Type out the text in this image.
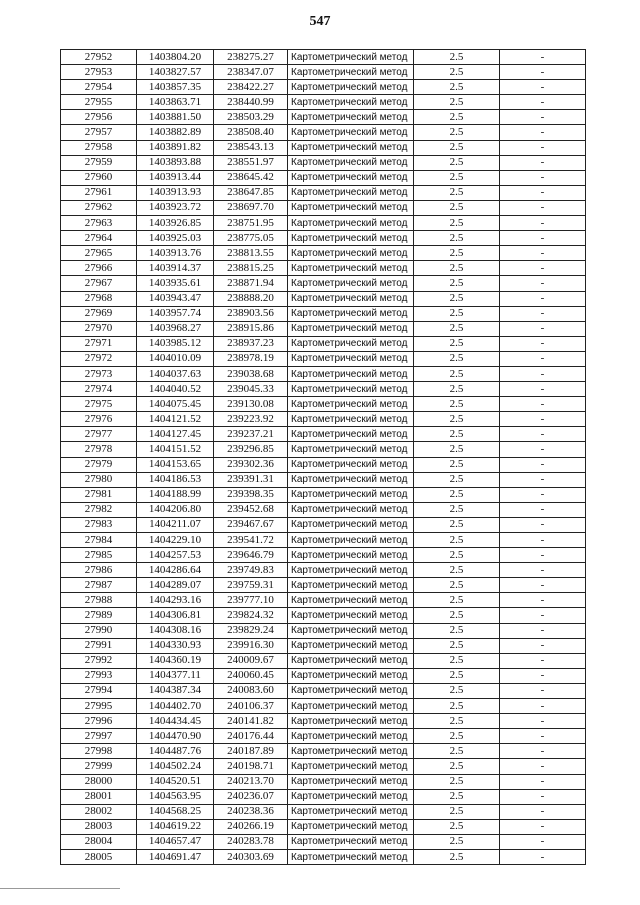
547
27952	1403804.20	238275.27	Картометрический метод	2.5	-
27953	1403827.57	238347.07	Картометрический метод	2.5	-
27954	1403857.35	238422.27	Картометрический метод	2.5	-
27955	1403863.71	238440.99	Картометрический метод	2.5	-
27956	1403881.50	238503.29	Картометрический метод	2.5	-
27957	1403882.89	238508.40	Картометрический метод	2.5	-
27958	1403891.82	238543.13	Картометрический метод	2.5	-
27959	1403893.88	238551.97	Картометрический метод	2.5	-
27960	1403913.44	238645.42	Картометрический метод	2.5	-
27961	1403913.93	238647.85	Картометрический метод	2.5	-
27962	1403923.72	238697.70	Картометрический метод	2.5	-
27963	1403926.85	238751.95	Картометрический метод	2.5	-
27964	1403925.03	238775.05	Картометрический метод	2.5	-
27965	1403913.76	238813.55	Картометрический метод	2.5	-
27966	1403914.37	238815.25	Картометрический метод	2.5	-
27967	1403935.61	238871.94	Картометрический метод	2.5	-
27968	1403943.47	238888.20	Картометрический метод	2.5	-
27969	1403957.74	238903.56	Картометрический метод	2.5	-
27970	1403968.27	238915.86	Картометрический метод	2.5	-
27971	1403985.12	238937.23	Картометрический метод	2.5	-
27972	1404010.09	238978.19	Картометрический метод	2.5	-
27973	1404037.63	239038.68	Картометрический метод	2.5	-
27974	1404040.52	239045.33	Картометрический метод	2.5	-
27975	1404075.45	239130.08	Картометрический метод	2.5	-
27976	1404121.52	239223.92	Картометрический метод	2.5	-
27977	1404127.45	239237.21	Картометрический метод	2.5	-
27978	1404151.52	239296.85	Картометрический метод	2.5	-
27979	1404153.65	239302.36	Картометрический метод	2.5	-
27980	1404186.53	239391.31	Картометрический метод	2.5	-
27981	1404188.99	239398.35	Картометрический метод	2.5	-
27982	1404206.80	239452.68	Картометрический метод	2.5	-
27983	1404211.07	239467.67	Картометрический метод	2.5	-
27984	1404229.10	239541.72	Картометрический метод	2.5	-
27985	1404257.53	239646.79	Картометрический метод	2.5	-
27986	1404286.64	239749.83	Картометрический метод	2.5	-
27987	1404289.07	239759.31	Картометрический метод	2.5	-
27988	1404293.16	239777.10	Картометрический метод	2.5	-
27989	1404306.81	239824.32	Картометрический метод	2.5	-
27990	1404308.16	239829.24	Картометрический метод	2.5	-
27991	1404330.93	239916.30	Картометрический метод	2.5	-
27992	1404360.19	240009.67	Картометрический метод	2.5	-
27993	1404377.11	240060.45	Картометрический метод	2.5	-
27994	1404387.34	240083.60	Картометрический метод	2.5	-
27995	1404402.70	240106.37	Картометрический метод	2.5	-
27996	1404434.45	240141.82	Картометрический метод	2.5	-
27997	1404470.90	240176.44	Картометрический метод	2.5	-
27998	1404487.76	240187.89	Картометрический метод	2.5	-
27999	1404502.24	240198.71	Картометрический метод	2.5	-
28000	1404520.51	240213.70	Картометрический метод	2.5	-
28001	1404563.95	240236.07	Картометрический метод	2.5	-
28002	1404568.25	240238.36	Картометрический метод	2.5	-
28003	1404619.22	240266.19	Картометрический метод	2.5	-
28004	1404657.47	240283.78	Картометрический метод	2.5	-
28005	1404691.47	240303.69	Картометрический метод	2.5	-
